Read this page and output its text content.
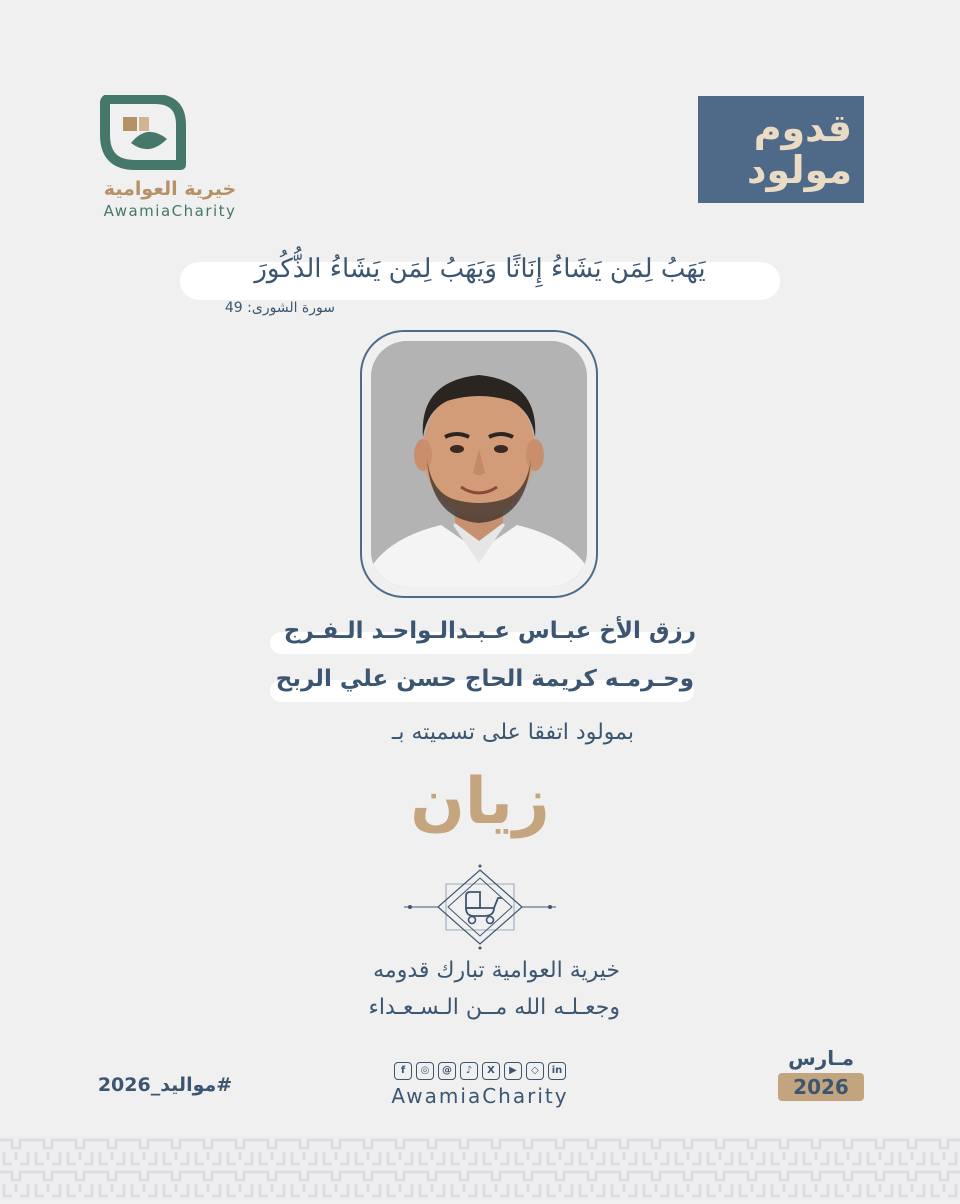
خيرية العوامية
AwamiaCharity
قدوم
مولود
يَهَبُ لِمَن يَشَاءُ إِنَاثًا وَيَهَبُ لِمَن يَشَاءُ الذُّكُورَ
سورة الشورى: 49
رزق الأخ عبـاس عـبـدالـواحـد الـفـرج
وحـرمـه كريمة الحاج حسن علي الربح
بمولود اتفقا على تسميته بـ
زيان
خيرية العوامية تبارك قدومه
وجعـلـه الله مــن الـسـعـداء
#مواليد_2026
f	◎	@	♪	X	▶	◇	in
AwamiaCharity
مـارس
2026
